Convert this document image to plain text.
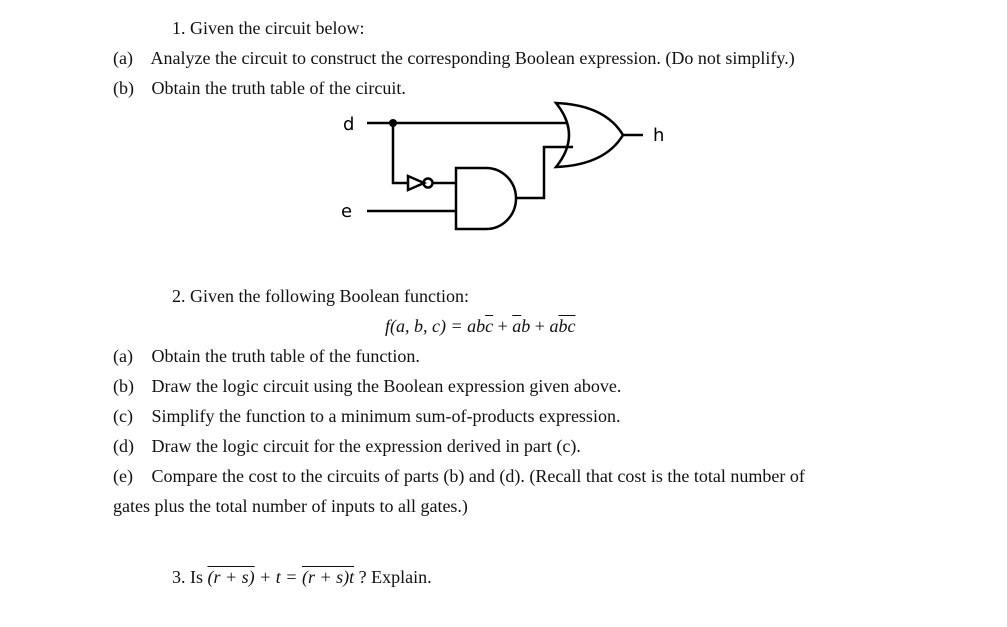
1. Given the circuit below:
(a) Analyze the circuit to construct the corresponding Boolean expression. (Do not simplify.)
(b) Obtain the truth table of the circuit.
d
e
h
2. Given the following Boolean function:
f(a, b, $c) = ab\overline{c} + \overline{a}b + a\overline{bc}$
(a) Obtain the truth table of the function.
(b) Draw the logic circuit using the Boolean expression given above.
(c) Simplify the function to a minimum sum-of-products expression.
(d) Draw the logic circuit for the expression derived in part (c).
(e) Compare the cost to the circuits of parts (b) and (d). (Recall that cost is the total number of
gates plus the total number of inputs to all gates.)
3. Is (r + s) + t = (r + s)t ? Explain.
